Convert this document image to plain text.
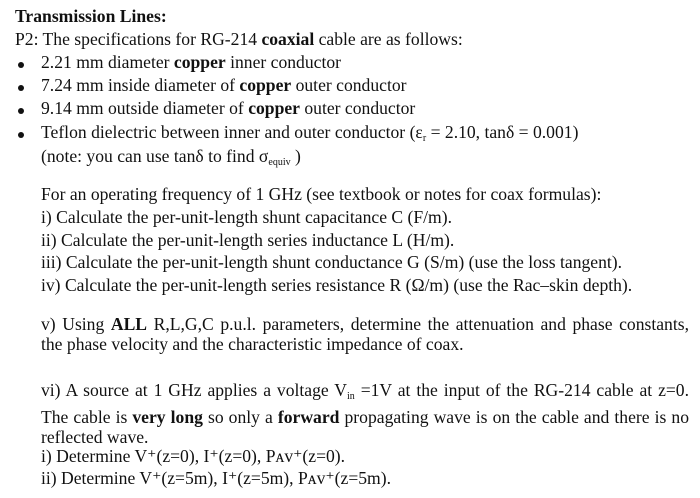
Transmission Lines:
P2: The specifications for RG-214 coaxial cable are as follows:
2.21 mm diameter copper inner conductor
7.24 mm inside diameter of copper outer conductor
9.14 mm outside diameter of copper outer conductor
Teflon dielectric between inner and outer conductor ($\varepsilon_r = 2.10$, tanδ = 0.001)
(note: you can use tanδ to find $\sigma_{equiv}$ )
For an operating frequency of 1 GHz (see textbook or notes for coax formulas):
i) Calculate the per-unit-length shunt capacitance C (F/m).
ii) Calculate the per-unit-length series inductance L (H/m).
iii) Calculate the per-unit-length shunt conductance G (S/m) (use the loss tangent).
iv) Calculate the per-unit-length series resistance R (Ω/m) (use the Rac–skin depth).
v) Using ALL R,L,G,C p.u.l. parameters, determine the attenuation and phase constants, the phase velocity and the characteristic impedance of coax.
vi) A source at 1 GHz applies a voltage $V_{in} =1V$ at the input of the RG-214 cable at z=0. The cable is very long so only a forward propagating wave is on the cable and there is no reflected wave.
i) Determine V⁺(z=0), I⁺(z=0), Pᴀᴠ⁺(z=0).
ii) Determine V⁺(z=5m), I⁺(z=5m), Pᴀᴠ⁺(z=5m).
